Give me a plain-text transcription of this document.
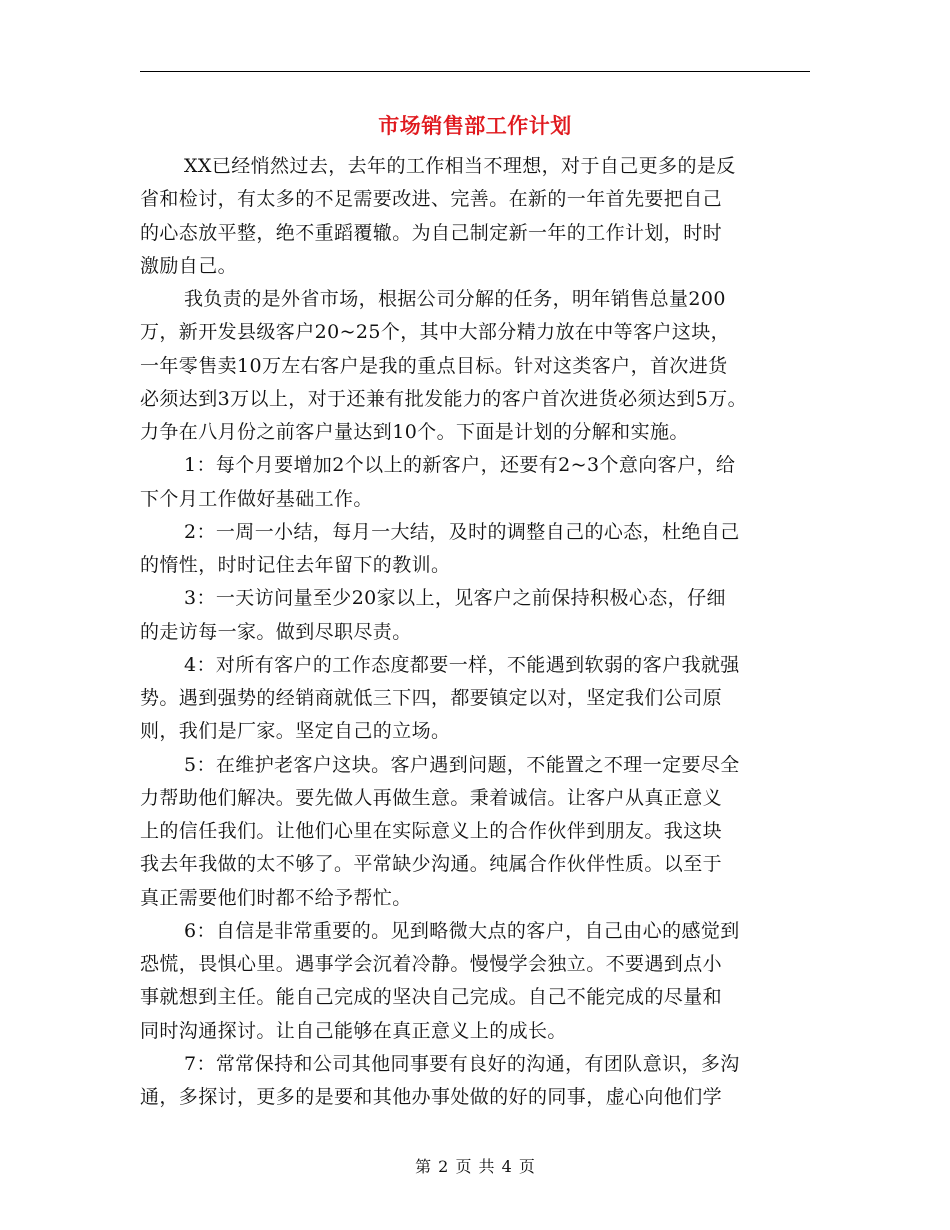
市场销售部工作计划
XX已经悄然过去，去年的工作相当不理想，对于自己更多的是反
省和检讨，有太多的不足需要改进、完善。在新的一年首先要把自己
的心态放平整，绝不重蹈覆辙。为自己制定新一年的工作计划，时时
激励自己。
我负责的是外省市场，根据公司分解的任务，明年销售总量200
万，新开发县级客户20~25个，其中大部分精力放在中等客户这块，
一年零售卖10万左右客户是我的重点目标。针对这类客户，首次进货
必须达到3万以上，对于还兼有批发能力的客户首次进货必须达到5万。
力争在八月份之前客户量达到10个。下面是计划的分解和实施。
1：每个月要增加2个以上的新客户，还要有2~3个意向客户，给
下个月工作做好基础工作。
2：一周一小结，每月一大结，及时的调整自己的心态，杜绝自己
的惰性，时时记住去年留下的教训。
3：一天访问量至少20家以上，见客户之前保持积极心态，仔细
的走访每一家。做到尽职尽责。
4：对所有客户的工作态度都要一样，不能遇到软弱的客户我就强
势。遇到强势的经销商就低三下四，都要镇定以对，坚定我们公司原
则，我们是厂家。坚定自己的立场。
5：在维护老客户这块。客户遇到问题，不能置之不理一定要尽全
力帮助他们解决。要先做人再做生意。秉着诚信。让客户从真正意义
上的信任我们。让他们心里在实际意义上的合作伙伴到朋友。我这块
我去年我做的太不够了。平常缺少沟通。纯属合作伙伴性质。以至于
真正需要他们时都不给予帮忙。
6：自信是非常重要的。见到略微大点的客户，自己由心的感觉到
恐慌，畏惧心里。遇事学会沉着冷静。慢慢学会独立。不要遇到点小
事就想到主任。能自己完成的坚决自己完成。自己不能完成的尽量和
同时沟通探讨。让自己能够在真正意义上的成长。
7：常常保持和公司其他同事要有良好的沟通，有团队意识，多沟
通，多探讨，更多的是要和其他办事处做的好的同事，虚心向他们学
第 2 页 共 4 页
